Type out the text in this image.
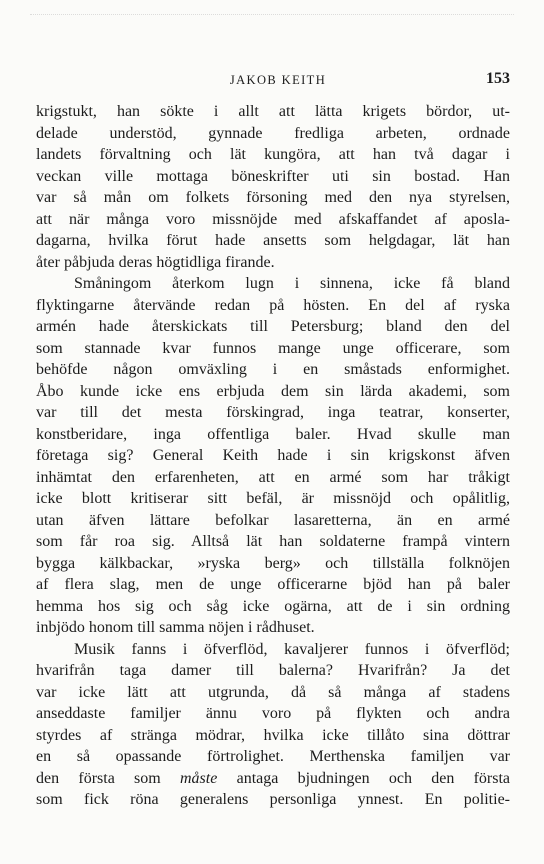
JAKOB KEITH	153
krigstukt, han sökte i allt att lätta krigets bördor, ut-
delade understöd, gynnade fredliga arbeten, ordnade
landets förvaltning och lät kungöra, att han två dagar i
veckan ville mottaga böneskrifter uti sin bostad. Han
var så mån om folkets försoning med den nya styrelsen,
att när många voro missnöjde med afskaffandet af aposla-
dagarna, hvilka förut hade ansetts som helgdagar, lät han
åter påbjuda deras högtidliga firande.
Småningom återkom lugn i sinnena, icke få bland
flyktingarne återvände redan på hösten. En del af ryska
armén hade återskickats till Petersburg; bland den del
som stannade kvar funnos mange unge officerare, som
behöfde någon omväxling i en småstads enformighet.
Åbo kunde icke ens erbjuda dem sin lärda akademi, som
var till det mesta förskingrad, inga teatrar, konserter,
konstberidare, inga offentliga baler. Hvad skulle man
företaga sig? General Keith hade i sin krigskonst äfven
inhämtat den erfarenheten, att en armé som har tråkigt
icke blott kritiserar sitt befäl, är missnöjd och opålitlig,
utan äfven lättare befolkar lasaretterna, än en armé
som får roa sig. Alltså lät han soldaterne frampå vintern
bygga kälkbackar, »ryska berg» och tillställa folknöjen
af flera slag, men de unge officerarne bjöd han på baler
hemma hos sig och såg icke ogärna, att de i sin ordning
inbjödo honom till samma nöjen i rådhuset.
Musik fanns i öfverflöd, kavaljerer funnos i öfverflöd;
hvarifrån taga damer till balerna? Hvarifrån? Ja det
var icke lätt att utgrunda, då så många af stadens
anseddaste familjer ännu voro på flykten och andra
styrdes af stränga mödrar, hvilka icke tillåto sina döttrar
en så opassande förtrolighet. Merthenska familjen var
den första som måste antaga bjudningen och den första
som fick röna generalens personliga ynnest. En politie-
